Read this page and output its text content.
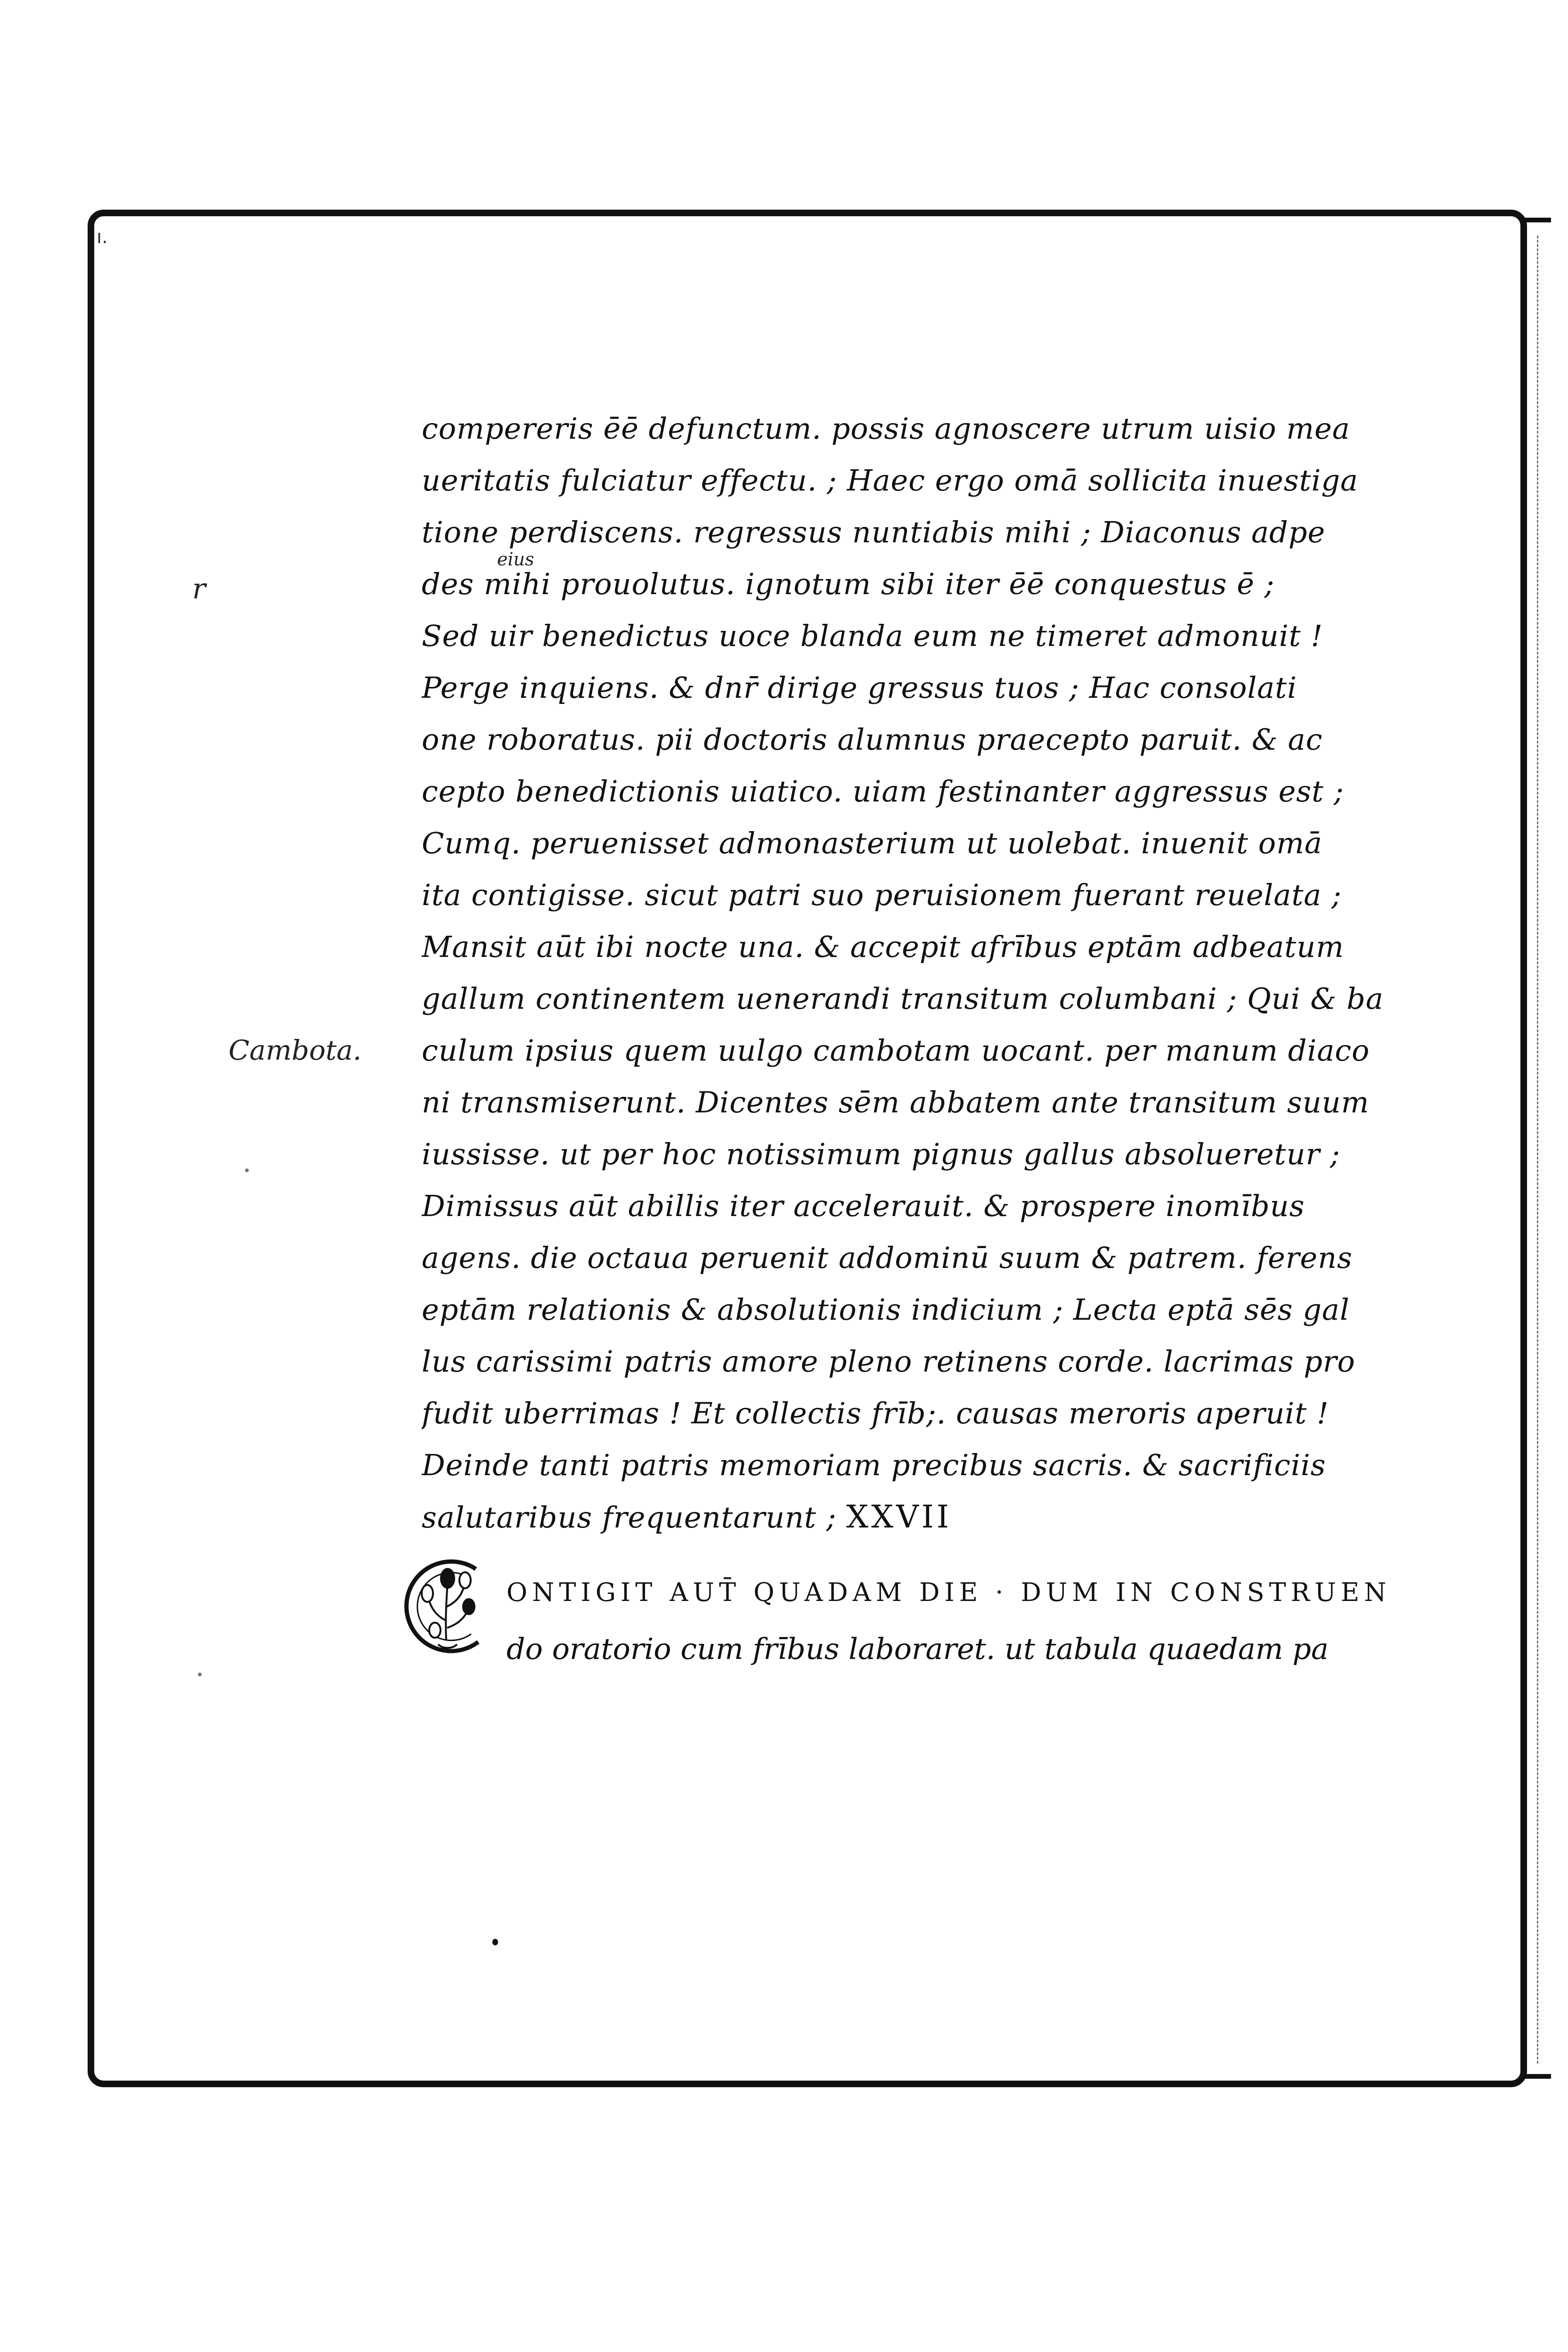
ı.
r
Cambota.
eius
compereris ēē defunctum. possis agnoscere utrum uisio mea
ueritatis fulciatur effectu. ; Haec ergo omā sollicita inuestiga
tione perdiscens. regressus nuntiabis mihi ; Diaconus adpe
des mihi prouolutus. ignotum sibi iter ēē conquestus ē ;
Sed uir benedictus uoce blanda eum ne timeret admonuit !
Perge inquiens. & dnr̄ dirige gressus tuos ; Hac consolati
one roboratus. pii doctoris alumnus praecepto paruit. & ac
cepto benedictionis uiatico. uiam festinanter aggressus est ;
Cumq. peruenisset admonasterium ut uolebat. inuenit omā
ita contigisse. sicut patri suo peruisionem fuerant reuelata ;
Mansit aūt ibi nocte una. & accepit afrībus eptām adbeatum
gallum continentem uenerandi transitum columbani ; Qui & ba
culum ipsius quem uulgo cambotam uocant. per manum diaco
ni transmiserunt. Dicentes sēm abbatem ante transitum suum
iussisse. ut per hoc notissimum pignus gallus absolueretur ;
Dimissus aūt abillis iter accelerauit. & prospere inomībus
agens. die octaua peruenit addominū suum & patrem. ferens
eptām relationis & absolutionis indicium ; Lecta eptā sēs gal
lus carissimi patris amore pleno retinens corde. lacrimas pro
fudit uberrimas ! Et collectis frīb;. causas meroris aperuit !
Deinde tanti patris memoriam precibus sacris. & sacrificiis
salutaribus frequentarunt ; XXVII
ONTIGIT AUT̄ QUADAM DIE · DUM IN CONSTRUEN
do oratorio cum frībus laboraret. ut tabula quaedam pa
